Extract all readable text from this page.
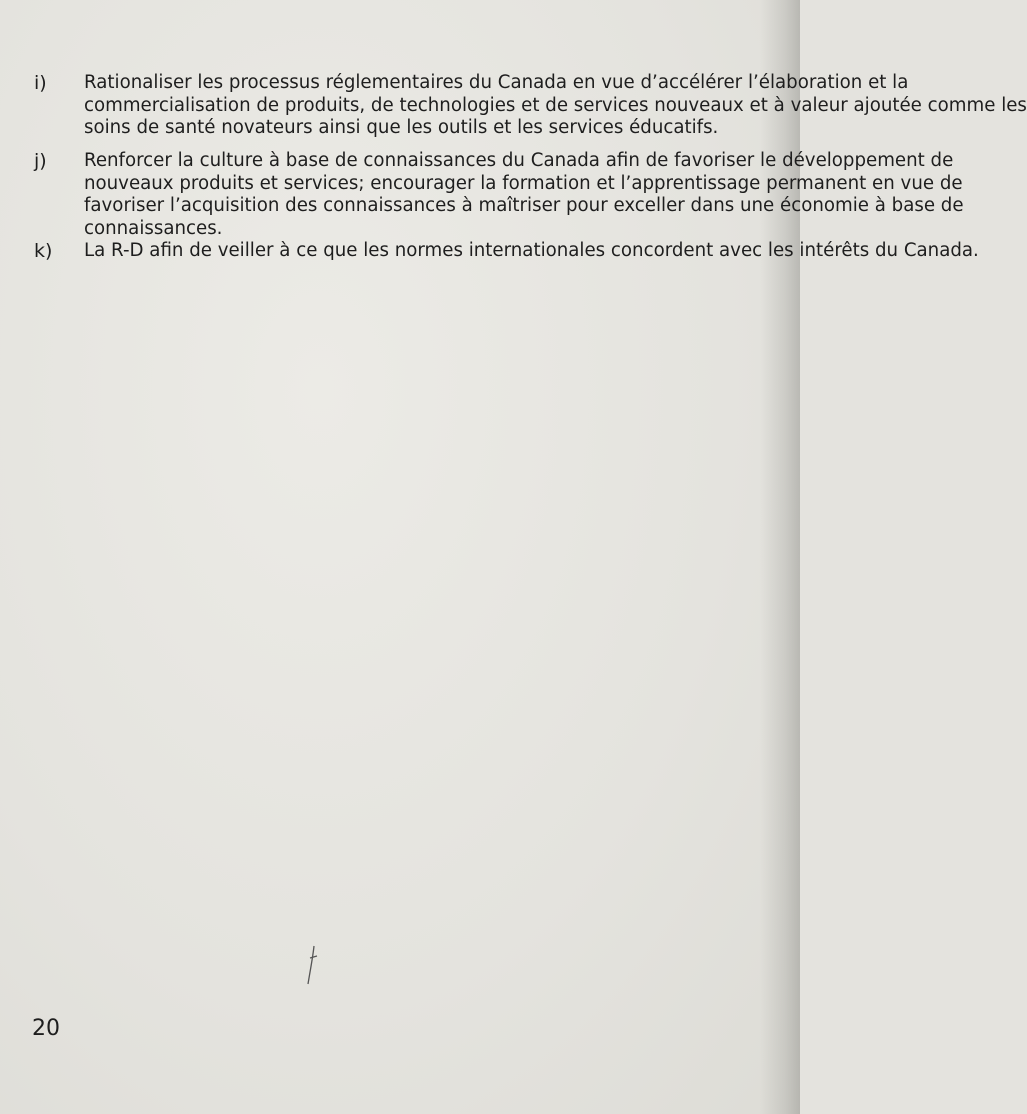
i) Rationaliser les processus réglementaires du Canada en vue d’accélérer l’élaboration et la
commercialisation de produits, de technologies et de services nouveaux et à valeur ajoutée comme les
soins de santé novateurs ainsi que les outils et les services éducatifs.
j) Renforcer la culture à base de connaissances du Canada afin de favoriser le développement de
nouveaux produits et services; encourager la formation et l’apprentissage permanent en vue de
favoriser l’acquisition des connaissances à maîtriser pour exceller dans une économie à base de
connaissances.
k) La R-D afin de veiller à ce que les normes internationales concordent avec les intérêts du Canada.
20
